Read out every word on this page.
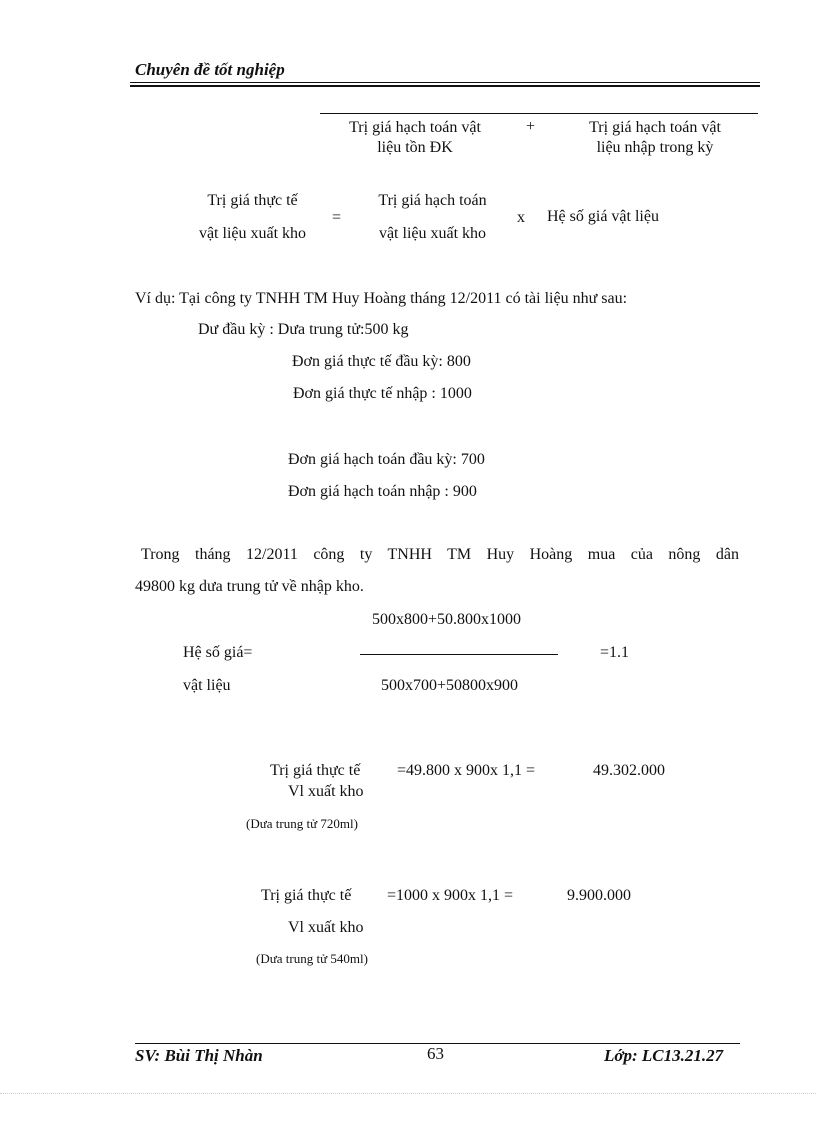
Chuyên đề tốt nghiệp
Trị giá hạch toán vật
liệu tồn ĐK
+	Trị giá hạch toán vật
liệu nhập trong kỳ
Trị giá thực tế
vật liệu xuất kho
=
Trị giá hạch toán
vật liệu xuất kho
x Hệ số giá vật liệu
Ví dụ: Tại công ty TNHH TM Huy Hoàng tháng 12/2011 có tài liệu như sau:
Dư đầu kỳ : Dưa trung tử:500 kg
Đơn giá thực tế đầu kỳ: 800
Đơn giá thực tế nhập : 1000
Đơn giá hạch toán đầu kỳ: 700
Đơn giá hạch toán nhập : 900
Trong tháng 12/2011 công ty TNHH TM Huy Hoàng mua của nông dân
49800 kg dưa trung tử về nhập kho.
500x800+50.800x1000
Hệ số giá=	=1.1
vật liệu	500x700+50800x900
Trị giá thực tế =49.800 x 900x 1,1 =	49.302.000
Vl xuất kho
(Dưa trung tử 720ml)
Trị giá thực tế =1000 x 900x 1,1 =	9.900.000
Vl xuất kho
(Dưa trung tử 540ml)
SV: Bùi Thị Nhàn	63	Lớp: LC13.21.27
